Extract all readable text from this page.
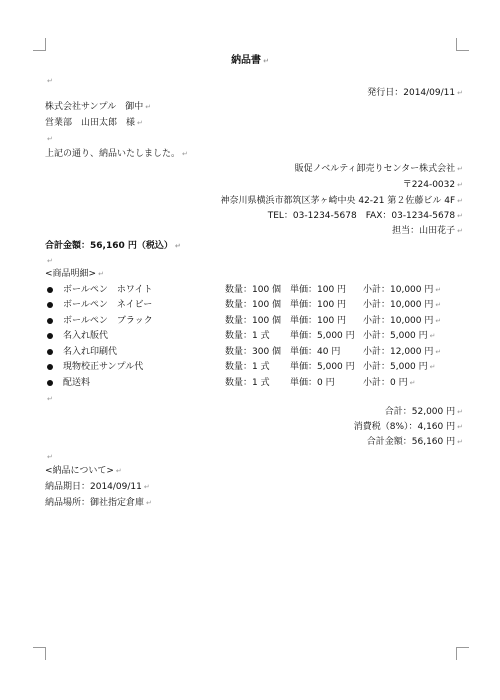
納品書 ↵
↵
発行日：2014/09/11 ↵
株式会社サンプル　御中 ↵
営業部　山田太郎　様 ↵
↵
上記の通り、納品いたしました。 ↵
販促ノベルティ卸売りセンター株式会社 ↵
〒224-0032 ↵
神奈川県横浜市都筑区茅ヶ崎中央 42-21 第２佐藤ビル 4F ↵
TEL：03-1234-5678　FAX：03-1234-5678 ↵
担当：山田花子 ↵
合計金額：56,160 円（税込） ↵
↵
<商品明細> ↵
ボールペン　ホワイト	数量：100 個 単価：100 円 小計：10,000 円 ↵
ボールペン　ネイビー	数量：100 個 単価：100 円 小計：10,000 円 ↵
ボールペン　ブラック	数量：100 個 単価：100 円 小計：10,000 円 ↵
名入れ版代	数量：1 式 単価：5,000 円 小計：5,000 円 ↵
名入れ印刷代	数量：300 個 単価：40 円	小計：12,000 円 ↵
現物校正サンプル代	数量：1 式 単価：5,000 円 小計：5,000 円 ↵
配送料	数量：1 式 単価：0 円	小計：0 円 ↵
↵
合計：52,000 円 ↵
消費税（8%）：4,160 円 ↵
合計金額：56,160 円 ↵
↵
<納品について> ↵
納品期日：2014/09/11 ↵
納品場所：御社指定倉庫 ↵
